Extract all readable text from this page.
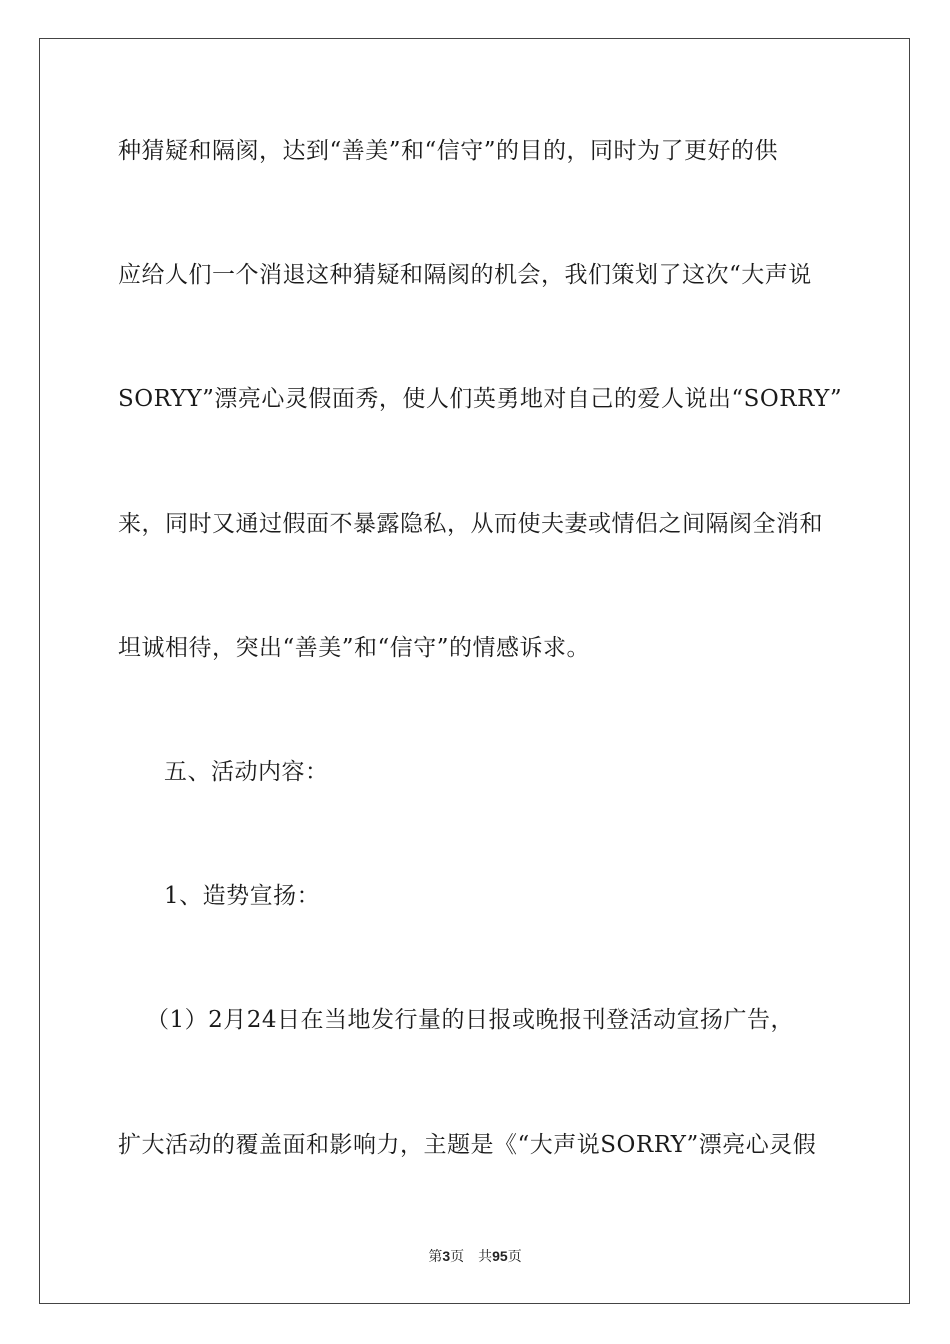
种猜疑和隔阂，达到“善美”和“信守”的目的，同时为了更好的供
应给人们一个消退这种猜疑和隔阂的机会，我们策划了这次“大声说
SORYY”漂亮心灵假面秀，使人们英勇地对自己的爱人说出“SORRY”
来，同时又通过假面不暴露隐私，从而使夫妻或情侣之间隔阂全消和
坦诚相待，突出“善美”和“信守”的情感诉求。
五、活动内容：
1、造势宣扬：
（1）2月24日在当地发行量的日报或晚报刊登活动宣扬广告，
扩大活动的覆盖面和影响力，主题是《“大声说SORRY”漂亮心灵假
第3页 共95页
